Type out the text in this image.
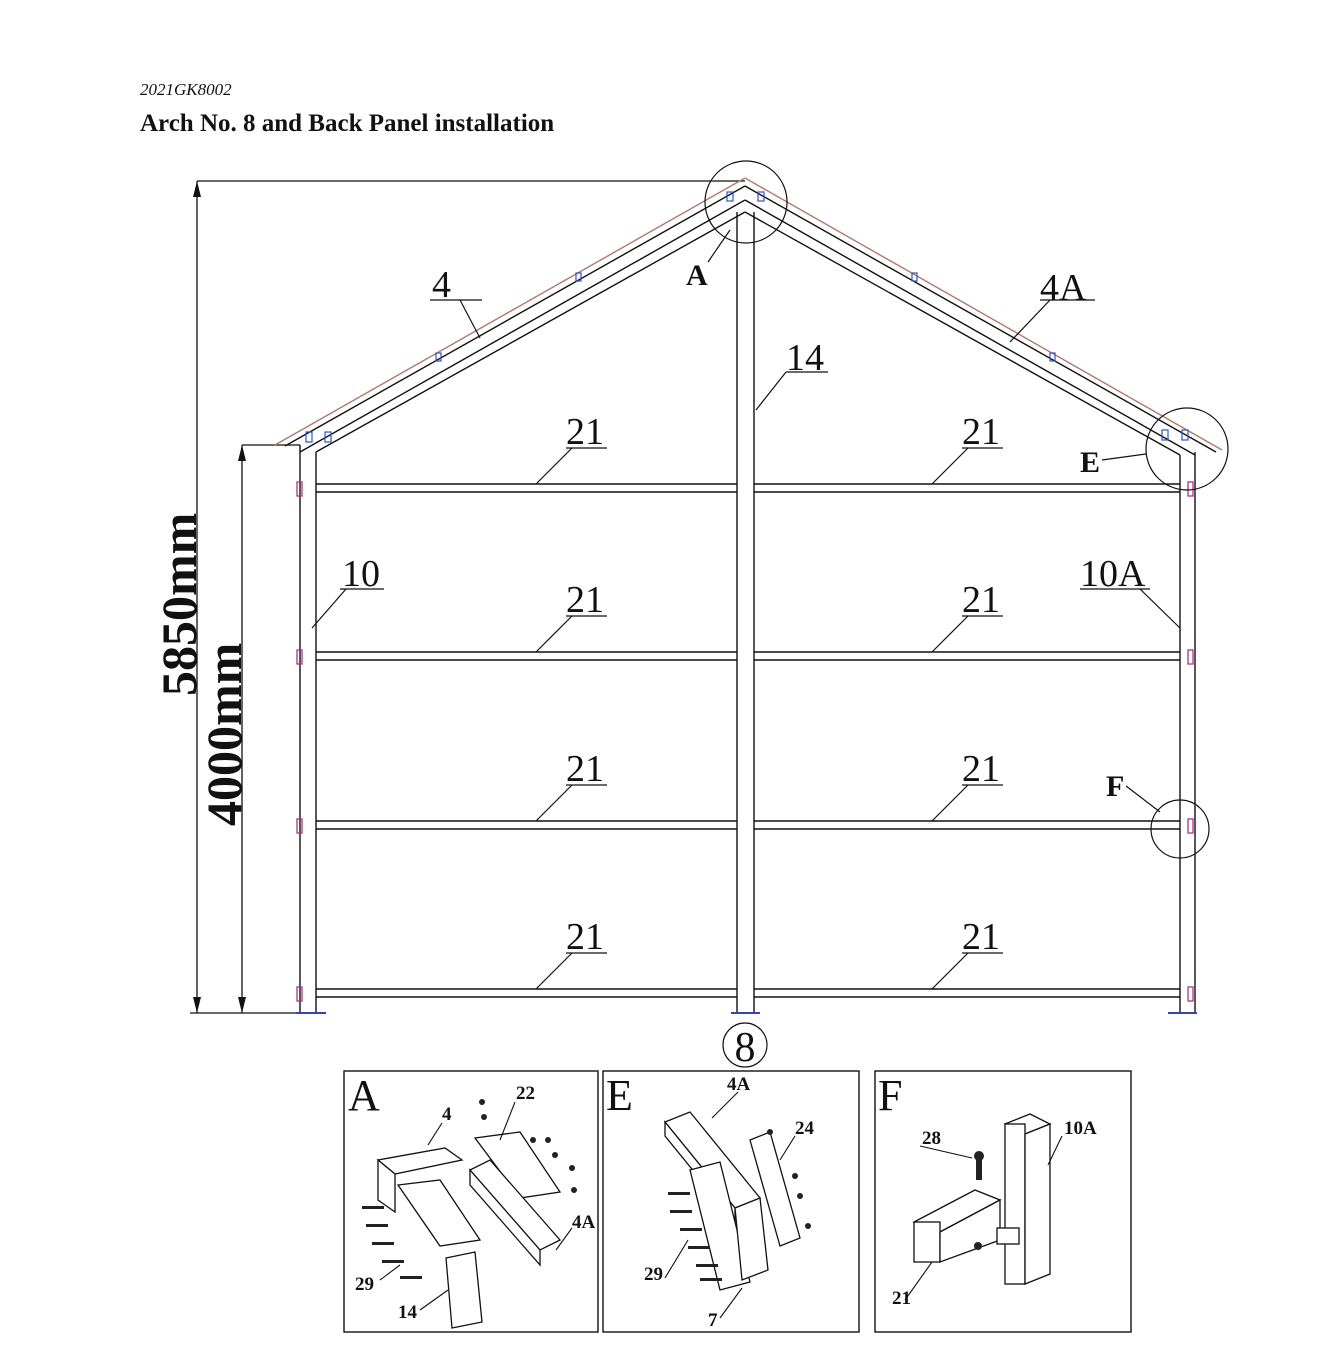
2021GK8002
Arch No. 8 and Back Panel installation
5850mm
4000mm
4	4A
14
10	10A
A
E
F
21	21
21	21
21	21
21	21
8
A	4
22
4A
29
14
E	4A
24
29
7
F
28	10A
21
